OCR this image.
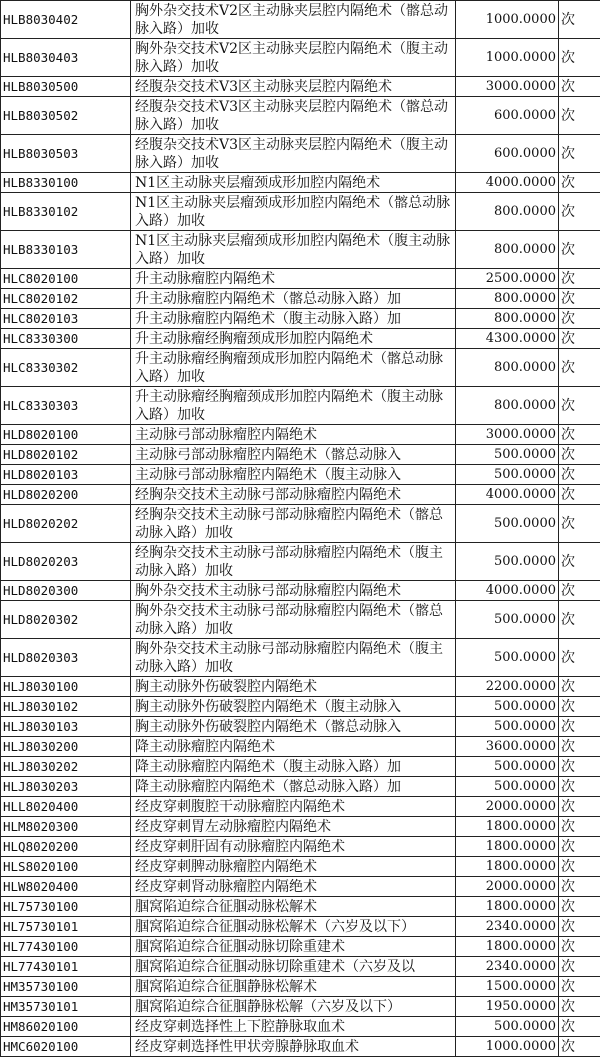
HLB8030402	胸外杂交技术V2区主动脉夹层腔内隔绝术（髂总动脉入路）加收	1000.0000	次
HLB8030403	胸外杂交技术V2区主动脉夹层腔内隔绝术（腹主动脉入路）加收	1000.0000	次
HLB8030500	经腹杂交技术V3区主动脉夹层腔内隔绝术	3000.0000	次
HLB8030502	经腹杂交技术V3区主动脉夹层腔内隔绝术（髂总动脉入路）加收	600.0000	次
HLB8030503	经腹杂交技术V3区主动脉夹层腔内隔绝术（腹主动脉入路）加收	600.0000	次
HLB8330100	N1区主动脉夹层瘤颈成形加腔内隔绝术	4000.0000	次
HLB8330102	N1区主动脉夹层瘤颈成形加腔内隔绝术（髂总动脉入路）加收	800.0000	次
HLB8330103	N1区主动脉夹层瘤颈成形加腔内隔绝术（腹主动脉入路）加收	800.0000	次
HLC8020100	升主动脉瘤腔内隔绝术	2500.0000	次
HLC8020102	升主动脉瘤腔内隔绝术（髂总动脉入路）加	800.0000	次
HLC8020103	升主动脉瘤腔内隔绝术（腹主动脉入路）加	800.0000	次
HLC8330300	升主动脉瘤经胸瘤颈成形加腔内隔绝术	4300.0000	次
HLC8330302	升主动脉瘤经胸瘤颈成形加腔内隔绝术（髂总动脉入路）加收	800.0000	次
HLC8330303	升主动脉瘤经胸瘤颈成形加腔内隔绝术（腹主动脉入路）加收	800.0000	次
HLD8020100	主动脉弓部动脉瘤腔内隔绝术	3000.0000	次
HLD8020102	主动脉弓部动脉瘤腔内隔绝术（髂总动脉入	500.0000	次
HLD8020103	主动脉弓部动脉瘤腔内隔绝术（腹主动脉入	500.0000	次
HLD8020200	经胸杂交技术主动脉弓部动脉瘤腔内隔绝术	4000.0000	次
HLD8020202	经胸杂交技术主动脉弓部动脉瘤腔内隔绝术（髂总动脉入路）加收	500.0000	次
HLD8020203	经胸杂交技术主动脉弓部动脉瘤腔内隔绝术（腹主动脉入路）加收	500.0000	次
HLD8020300	胸外杂交技术主动脉弓部动脉瘤腔内隔绝术	4000.0000	次
HLD8020302	胸外杂交技术主动脉弓部动脉瘤腔内隔绝术（髂总动脉入路）加收	500.0000	次
HLD8020303	胸外杂交技术主动脉弓部动脉瘤腔内隔绝术（腹主动脉入路）加收	500.0000	次
HLJ8030100	胸主动脉外伤破裂腔内隔绝术	2200.0000	次
HLJ8030102	胸主动脉外伤破裂腔内隔绝术（腹主动脉入	500.0000	次
HLJ8030103	胸主动脉外伤破裂腔内隔绝术（髂总动脉入	500.0000	次
HLJ8030200	降主动脉瘤腔内隔绝术	3600.0000	次
HLJ8030202	降主动脉瘤腔内隔绝术（腹主动脉入路）加	500.0000	次
HLJ8030203	降主动脉瘤腔内隔绝术（髂总动脉入路）加	500.0000	次
HLL8020400	经皮穿刺腹腔干动脉瘤腔内隔绝术	2000.0000	次
HLM8020300	经皮穿刺胃左动脉瘤腔内隔绝术	1800.0000	次
HLQ8020200	经皮穿刺肝固有动脉瘤腔内隔绝术	1800.0000	次
HLS8020100	经皮穿刺脾动脉瘤腔内隔绝术	1800.0000	次
HLW8020400	经皮穿刺肾动脉瘤腔内隔绝术	2000.0000	次
HL75730100	腘窝陷迫综合征腘动脉松解术	1800.0000	次
HL75730101	腘窝陷迫综合征腘动脉松解术（六岁及以下）	2340.0000	次
HL77430100	腘窝陷迫综合征腘动脉切除重建术	1800.0000	次
HL77430101	腘窝陷迫综合征腘动脉切除重建术（六岁及以	2340.0000	次
HM35730100	腘窝陷迫综合征腘静脉松解术	1500.0000	次
HM35730101	腘窝陷迫综合征腘静脉松解（六岁及以下）	1950.0000	次
HM86020100	经皮穿刺选择性上下腔静脉取血术	500.0000	次
HMC6020100	经皮穿刺选择性甲状旁腺静脉取血术	1000.0000	次
